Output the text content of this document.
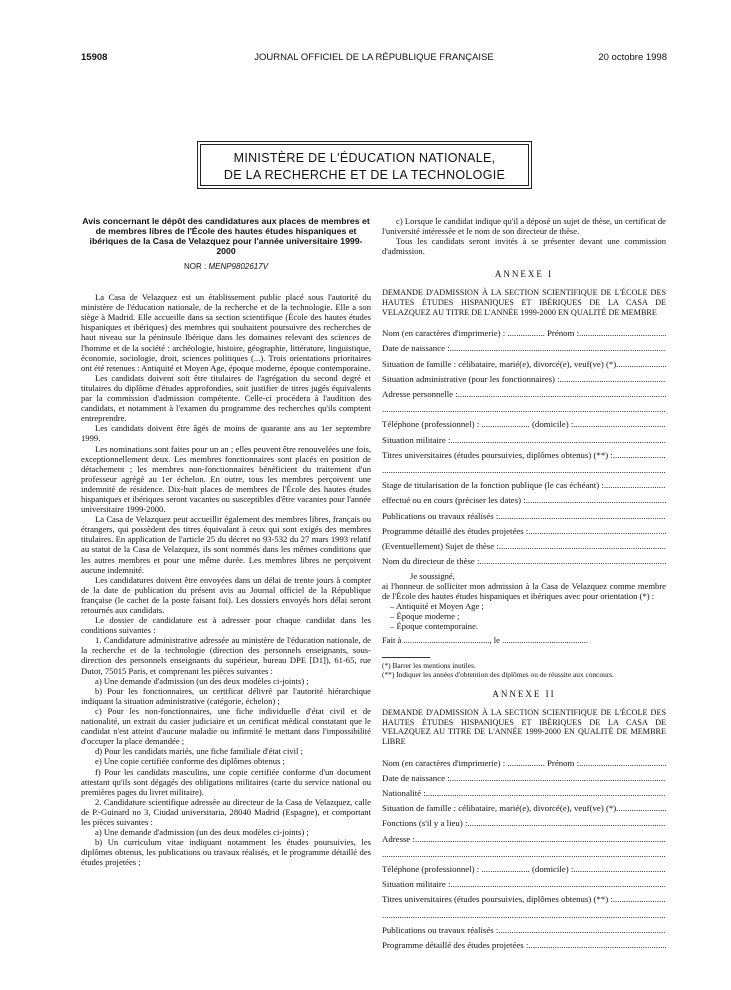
15908	JOURNAL OFFICIEL DE LA RÉPUBLIQUE FRANÇAISE	20 octobre 1998
MINISTÈRE DE L'ÉDUCATION NATIONALE,
DE LA RECHERCHE ET DE LA TECHNOLOGIE

Avis concernant le dépôt des candidatures aux places de membres et de membres libres de l'École des hautes études hispaniques et ibériques de la Casa de Velazquez pour l'année universitaire 1999-2000

NOR : MENP9802617V

La Casa de Velazquez est un établissement public placé sous l'autorité du ministère de l'éducation nationale, de la recherche et de la technologie. Elle a son siège à Madrid. Elle accueille dans sa section scientifique (École des hautes études hispaniques et ibériques) des membres qui souhaitent poursuivre des recherches de haut niveau sur la péninsule Ibérique dans les domaines relevant des sciences de l'homme et de la société : archéologie, histoire, géographie, littérature, linguistique, économie, sociologie, droit, sciences politiques (...). Trois orientations prioritaires ont été retenues : Antiquité et Moyen Age, époque moderne, époque contemporaine.

Les candidats doivent soit être titulaires de l'agrégation du second degré et titulaires du diplôme d'études approfondies, soit justifier de titres jugés équivalents par la commission d'admission compétente. Celle-ci procédera à l'audition des candidats, et notamment à l'examen du programme des recherches qu'ils comptent entreprendre.

Les candidats doivent être âgés de moins de quarante ans au 1er septembre 1999.

Les nominations sont faites pour un an ; elles peuvent être renouvelées une fois, exceptionnellement deux. Les membres fonctionnaires sont placés en position de détachement ; les membres non-fonctionnaires bénéficient du traitement d'un professeur agrégé au 1er échelon. En outre, tous les membres perçoivent une indemnité de résidence. Dix-huit places de membres de l'École des hautes études hispaniques et ibériques seront vacantes ou susceptibles d'être vacantes pour l'année universitaire 1999-2000.

La Casa de Velazquez peut accueillir également des membres libres, français ou étrangers, qui possèdent des titres équivalant à ceux qui sont exigés des membres titulaires. En application de l'article 25 du décret no 93-532 du 27 mars 1993 relatif au statut de la Casa de Velazquez, ils sont nommés dans les mêmes conditions que les autres membres et pour une même durée. Les membres libres ne perçoivent aucune indemnité.

Les candidatures doivent être envoyées dans un délai de trente jours à compter de la date de publication du présent avis au Journal officiel de la République française (le cachet de la poste faisant foi). Les dossiers envoyés hors délai seront retournés aux candidats.

Le dossier de candidature est à adresser pour chaque candidat dans les conditions suivantes :

1. Candidature administrative adressée au ministère de l'éducation nationale, de la recherche et de la technologie (direction des personnels enseignants, sous-direction des personnels enseignants du supérieur, bureau DPE [D1]), 61-65, rue Dutot, 75015 Paris, et comprenant les pièces suivantes :

a) Une demande d'admission (un des deux modèles ci-joints) ;

b) Pour les fonctionnaires, un certificat délivré par l'autorité hiérarchique indiquant la situation administrative (catégorie, échelon) ;

c) Pour les non-fonctionnaires, une fiche individuelle d'état civil et de nationalité, un extrait du casier judiciaire et un certificat médical constatant que le candidat n'est atteint d'aucune maladie ou infirmité le mettant dans l'impossibilité d'occuper la place demandée ;

d) Pour les candidats mariés, une fiche familiale d'état civil ;

e) Une copie certifiée conforme des diplômes obtenus ;

f) Pour les candidats masculins, une copie certifiée conforme d'un document attestant qu'ils sont dégagés des obligations militaires (carte du service national ou premières pages du livret militaire).

2. Candidature scientifique adressée au directeur de la Casa de Velazquez, calle de P.-Guinard no 3, Ciudad universitaria, 28040 Madrid (Espagne), et comportant les pièces suivantes :

a) Une demande d'admission (un des deux modèles ci-joints) ;

b) Un curriculum vitae indiquant notamment les études poursuivies, les diplômes obtenus, les publications ou travaux réalisés, et le programme détaillé des études projetées ;

c) Lorsque le candidat indique qu'il a déposé un sujet de thèse, un certificat de l'université intéressée et le nom de son directeur de thèse.

Tous les candidats seront invités à se présenter devant une commission d'admission.

ANNEXE I

DEMANDE D'ADMISSION À LA SECTION SCIENTIFIQUE DE L'ÉCOLE DES HAUTES ÉTUDES HISPANIQUES ET IBÉRIQUES DE LA CASA DE VELAZQUEZ AU TITRE DE L'ANNÉE 1999-2000 EN QUALITÉ DE MEMBRE

Nom (en caractères d'imprimerie) : ................. Prénom :
.....
Date de naissance :
.....
Situation de famille : célibataire, marié(e), divorcé(e), veuf(ve) (*).
.....
Situation administrative (pour les fonctionnaires) :
.....
Adresse personnelle :
.....
.....
Téléphone (professionnel) : ...................... (domicile) :
.....
Situation militaire :
.....
Titres universitaires (études poursuivies, diplômes obtenus) (**) :
.....
.....
Stage de titularisation de la fonction publique (le cas échéant) :
.....
effectué ou en cours (préciser les dates) :
.....
Publications ou travaux réalisés :
.....
Programme détaillé des études projetées :
.....
(Eventuellement) Sujet de thèse :
.....
Nom du directeur de thèse :
.....

Je soussigné,

ai l'honneur de solliciter mon admission à la Casa de Velazquez comme membre de l'École des hautes études hispaniques et ibériques avec pour orientation (*) :

– Antiquité et Moyen Age ;

– Époque moderne ;

– Époque contemporaine.

Fait à ........................................, le ........................................

(*) Barrer les mentions inutiles.

(**) Indiquer les années d'obtention des diplômes ou de réussite aux concours.

ANNEXE II

DEMANDE D'ADMISSION À LA SECTION SCIENTIFIQUE DE L'ÉCOLE DES HAUTES ÉTUDES HISPANIQUES ET IBÉRIQUES DE LA CASA DE VELAZQUEZ AU TITRE DE L'ANNÉE 1999-2000 EN QUALITÉ DE MEMBRE LIBRE

Nom (en caractères d'imprimerie) : ................. Prénom :
.....
Date de naissance :
.....
Nationalité :
.....
Situation de famille : célibataire, marié(e), divorcé(e), veuf(ve) (*).
.....
Fonctions (s'il y a lieu) :
.....
Adresse :
.....
.....
Téléphone (professionnel) : ...................... (domicile) :
.....
Situation militaire :
.....
Titres universitaires (études poursuivies, diplômes obtenus) (**) :
.....
.....
Publications ou travaux réalisés :
.....
Programme détaillé des études projetées :
.....
